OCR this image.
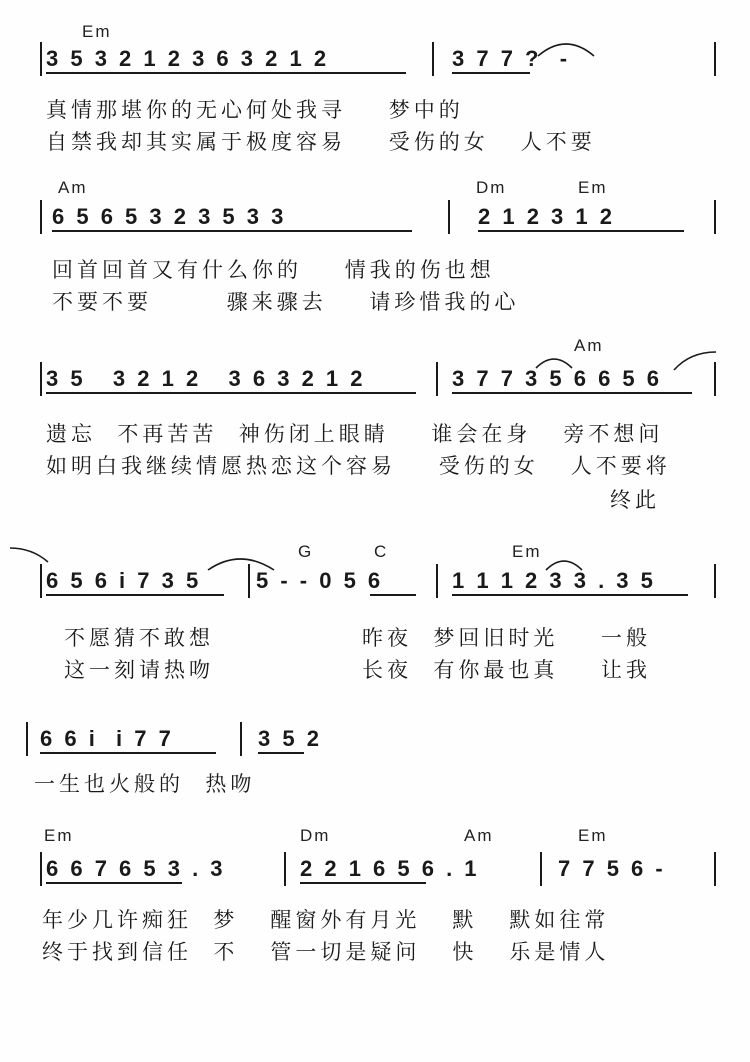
Em
3 5 3 2 1 2 3 6 3 2 1 2	3 7 7 ?  -
真情那堪你的无心何处我寻    梦中的
自禁我却其实属于极度容易    受伤的女   人不要
Am	Dm	Em
6 5 6 5 3 2 3 5 3 3	2 1 2 3 1 2
回首回首又有什么你的    情我的伤也想
不要不要       骤来骤去    请珍惜我的心
Am
3 5   3 2 1 2   3 6 3 2 1 2	3 7 7 3 5 6 6 5 6
遗忘  不再苦苦  神伤闭上眼睛    谁会在身   旁不想问
如明白我继续情愿热恋这个容易    受伤的女   人不要将
终此
G	C	Em
6 5 6 i 7 3 5 5 - - 0 5 6	1 1 1 2 3 3 . 3 5
不愿猜不敢想	昨夜  梦回旧时光    一般
这一刻请热吻	长夜  有你最也真    让我
6 6 i  i 7 7	3 5 2
一生也火般的  热吻
Em	Dm	Am	Em
6 6 7 6 5 3 . 3	2 2 1 6 5 6 . 1	7 7 5 6 -
年少几许痴狂  梦   醒窗外有月光   默   默如往常
终于找到信任  不   管一切是疑问   快   乐是情人
